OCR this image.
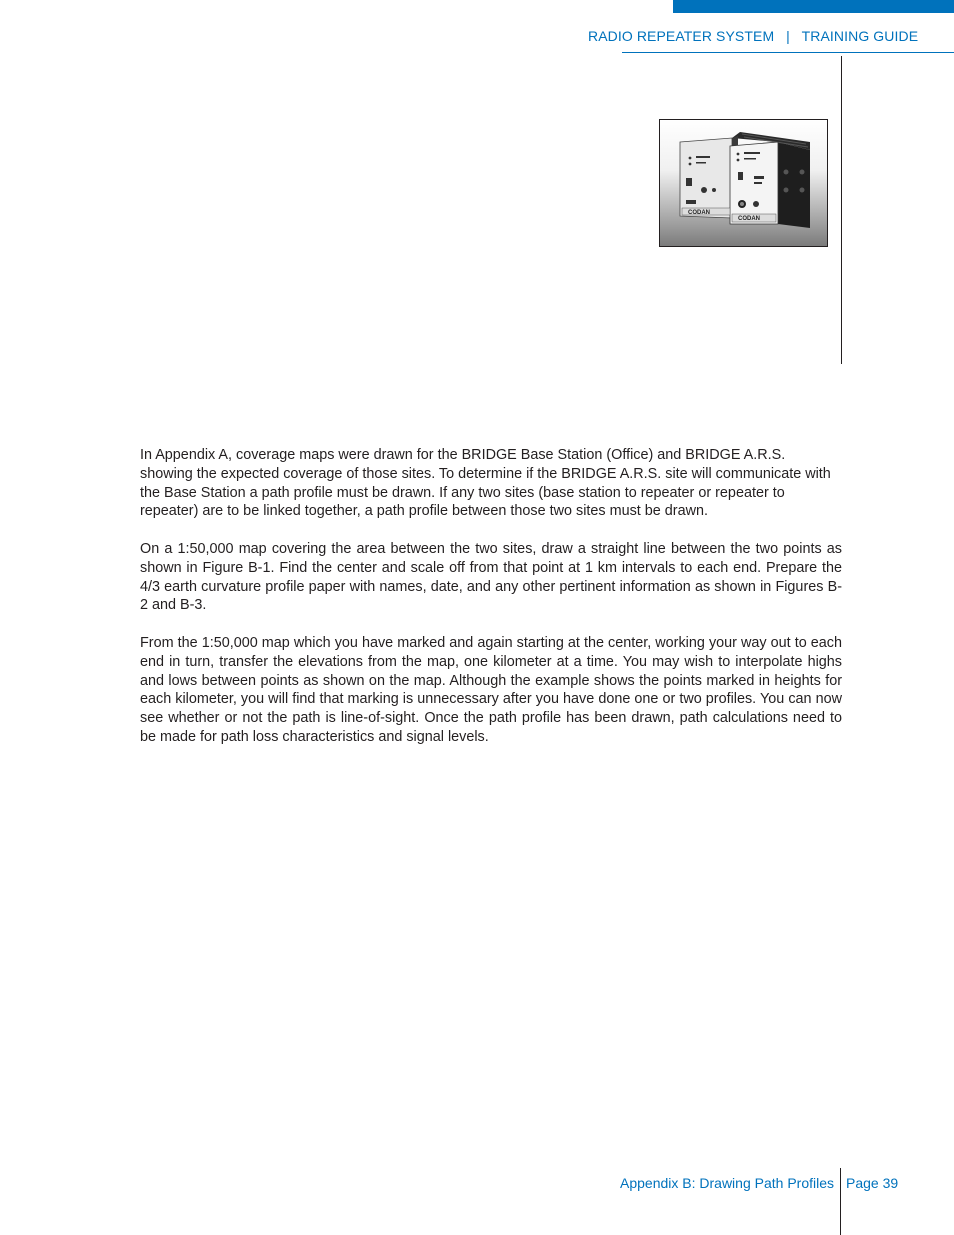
RADIO REPEATER SYSTEM   |   TRAINING GUIDE
CODAN
CODAN

In Appendix A, coverage maps were drawn for the BRIDGE Base Station (Office) and BRIDGE A.R.S. showing the expected coverage of those sites. To determine if the BRIDGE A.R.S. site will communicate with the Base Station a path profile must be drawn. If any two sites (base station to repeater or repeater to repeater) are to be linked together, a path profile between those two sites must be drawn.

On a 1:50,000 map covering the area between the two sites, draw a straight line between the two points as shown in Figure B-1. Find the center and scale off from that point at 1 km intervals to each end. Prepare the 4/3 earth curvature profile paper with names, date, and any other pertinent information as shown in Figures B-2 and B-3.

From the 1:50,000 map which you have marked and again starting at the center, working your way out to each end in turn, transfer the elevations from the map, one kilometer at a time. You may wish to interpolate highs and lows between points as shown on the map. Although the example shows the points marked in heights for each kilometer, you will find that marking is unnecessary after you have done one or two profiles. You can now see whether or not the path is line-of-sight. Once the path profile has been drawn, path calculations need to be made for path loss characteristics and signal levels.

Appendix B: Drawing Path Profiles Page 39
